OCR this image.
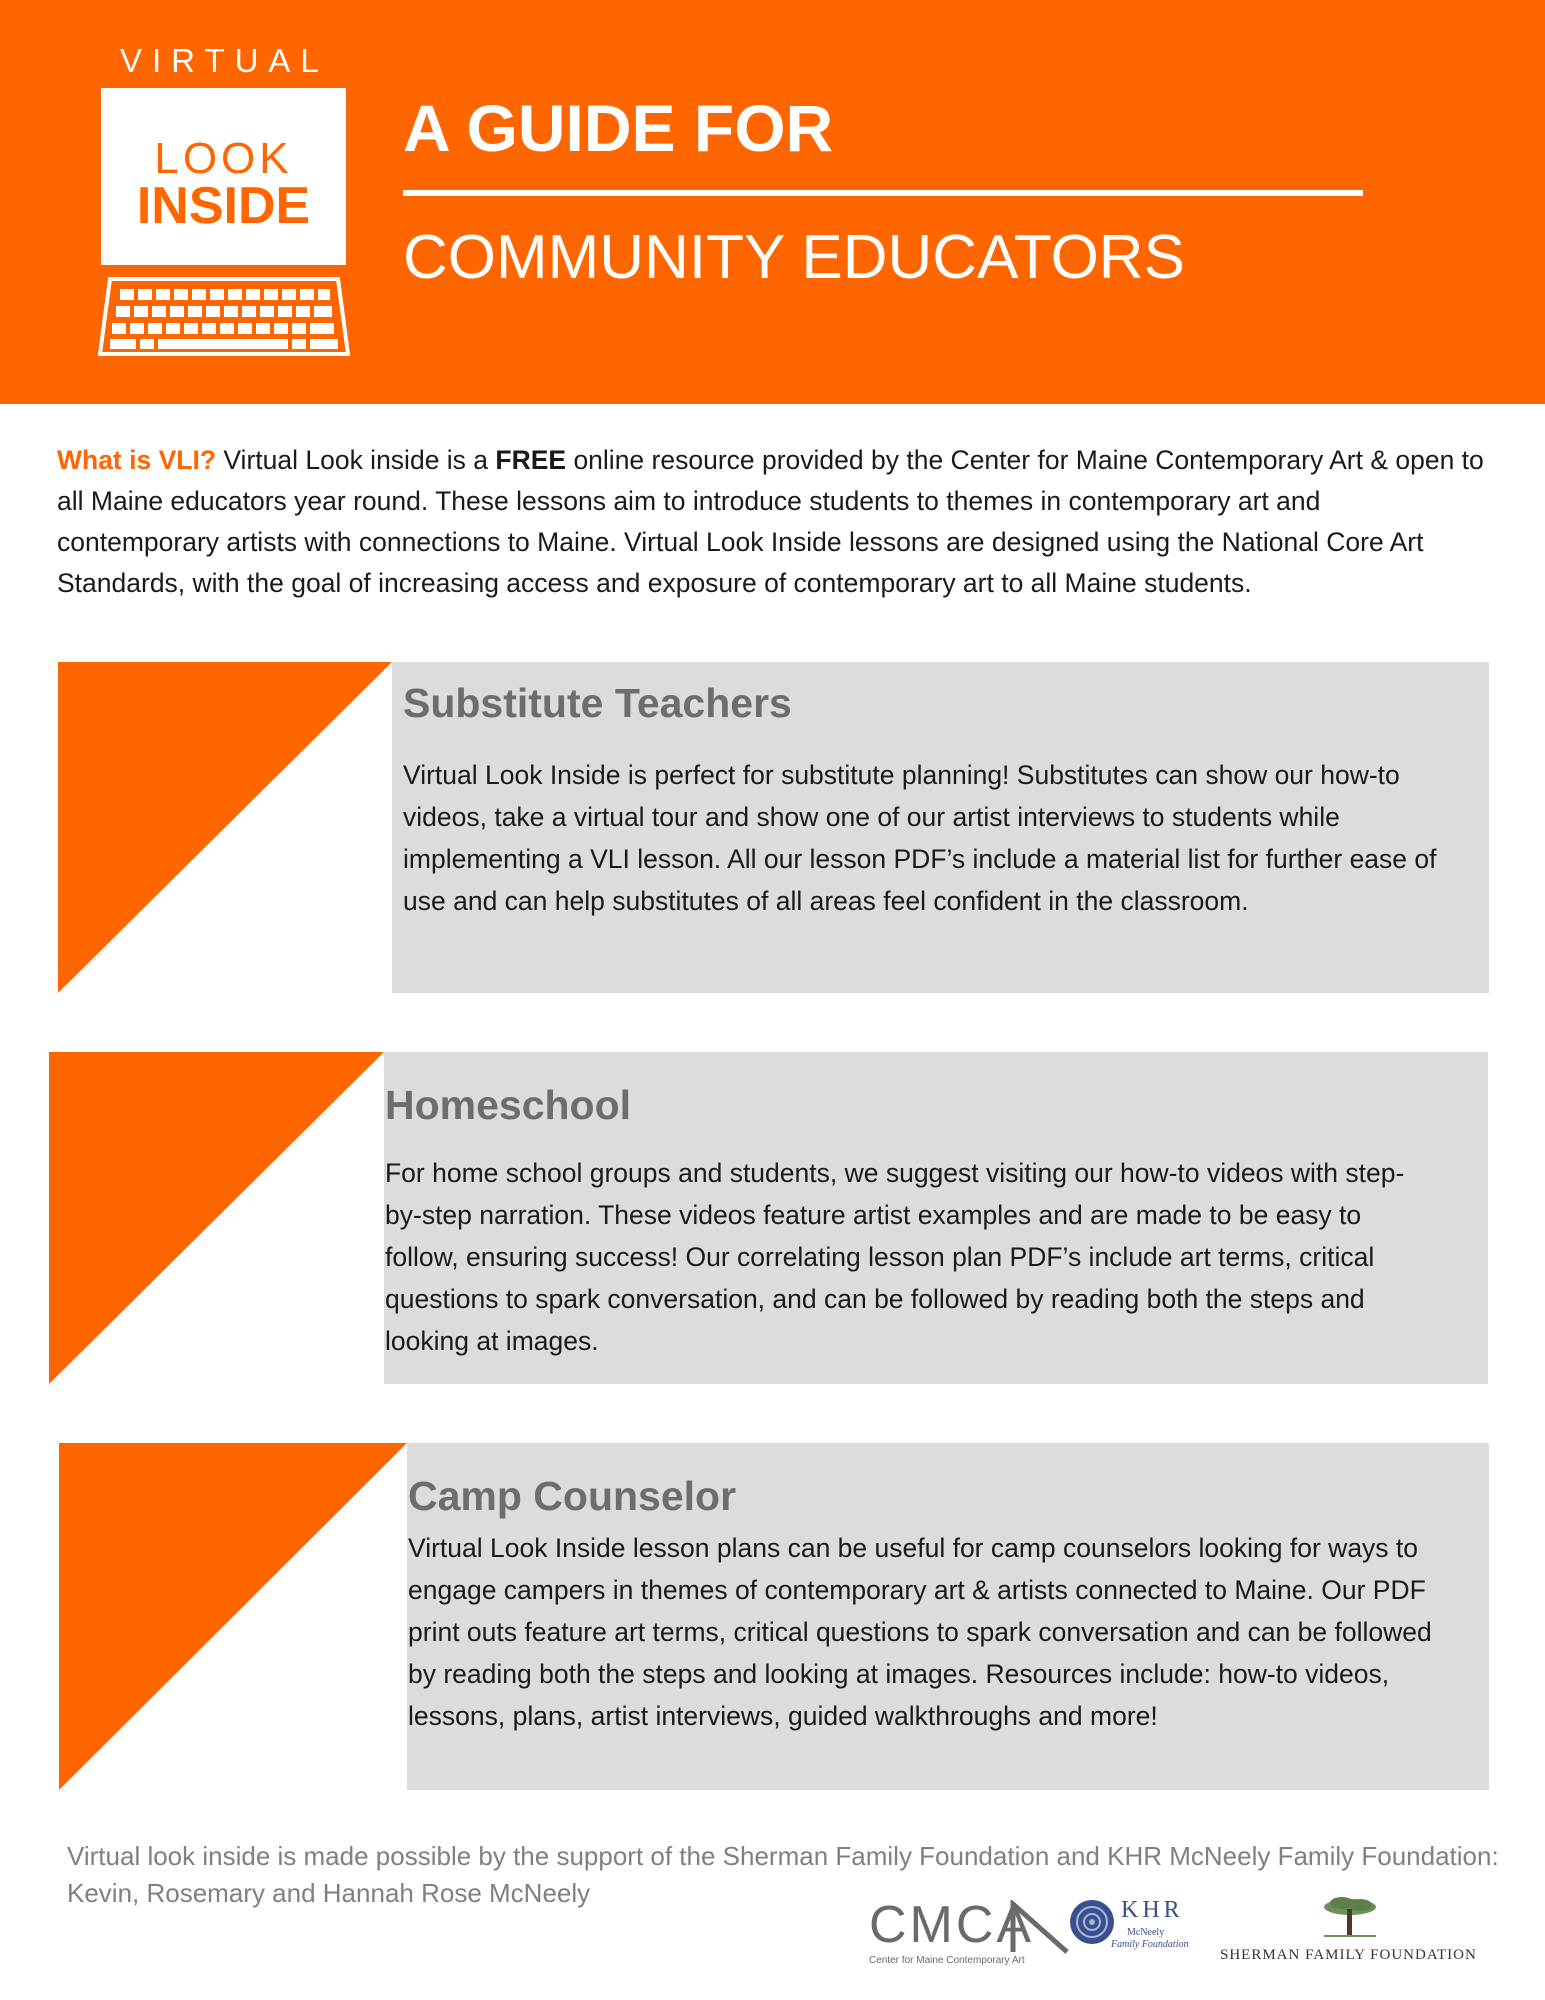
VIRTUAL
LOOK
INSIDE
A GUIDE FOR
COMMUNITY EDUCATORS
What is VLI? Virtual Look inside is a FREE online resource provided by the Center for Maine Contemporary Art & open to all Maine educators year round. These lessons aim to introduce students to themes in contemporary art and contemporary artists with connections to Maine. Virtual Look Inside lessons are designed using the National Core Art Standards, with the goal of increasing access and exposure of contemporary art to all Maine students.
Substitute Teachers

Virtual Look Inside is perfect for substitute planning! Substitutes can show our how-to videos, take a virtual tour and show one of our artist interviews to students while implementing a VLI lesson. All our lesson PDF’s include a material list for further ease of use and can help substitutes of all areas feel confident in the classroom.

Homeschool

For home school groups and students, we suggest visiting our how-to videos with step-by-step narration. These videos feature artist examples and are made to be easy to follow, ensuring success! Our correlating lesson plan PDF’s include art terms, critical questions to spark conversation, and can be followed by reading both the steps and looking at images.

Camp Counselor

Virtual Look Inside lesson plans can be useful for camp counselors looking for ways to engage campers in themes of contemporary art & artists connected to Maine. Our PDF print outs feature art terms, critical questions to spark conversation and can be followed by reading both the steps and looking at images. Resources include: how-to videos, lessons, plans, artist interviews, guided walkthroughs and more!

Virtual look inside is made possible by the support of the Sherman Family Foundation and KHR McNeely Family Foundation: Kevin, Rosemary and Hannah Rose McNeely
CMCA
Center for Maine Contemporary Art
KHR
McNeely
Family Foundation
SHERMAN FAMILY FOUNDATION
